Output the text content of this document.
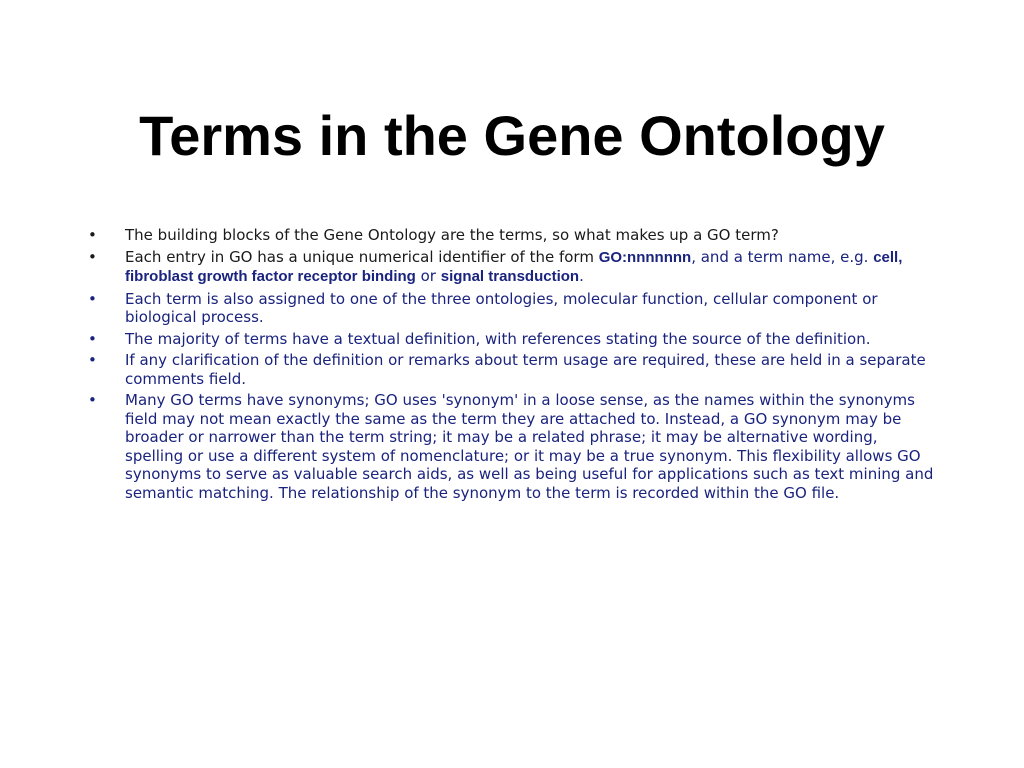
Terms in the Gene Ontology
•	The building blocks of the Gene Ontology are the terms, so what makes up a GO term?
•	Each entry in GO has a unique numerical identifier of the form GO:nnnnnnn, and a term name, e.g. cell, fibroblast growth factor receptor binding or signal transduction.
•	Each term is also assigned to one of the three ontologies, molecular function, cellular component or biological process.
•	The majority of terms have a textual definition, with references stating the source of the definition.
•	If any clarification of the definition or remarks about term usage are required, these are held in a separate comments field.
•	Many GO terms have synonyms; GO uses 'synonym' in a loose sense, as the names within the synonyms field may not mean exactly the same as the term they are attached to. Instead, a GO synonym may be broader or narrower than the term string; it may be a related phrase; it may be alternative wording, spelling or use a different system of nomenclature; or it may be a true synonym. This flexibility allows GO synonyms to serve as valuable search aids, as well as being useful for applications such as text mining and semantic matching. The relationship of the synonym to the term is recorded within the GO file.
